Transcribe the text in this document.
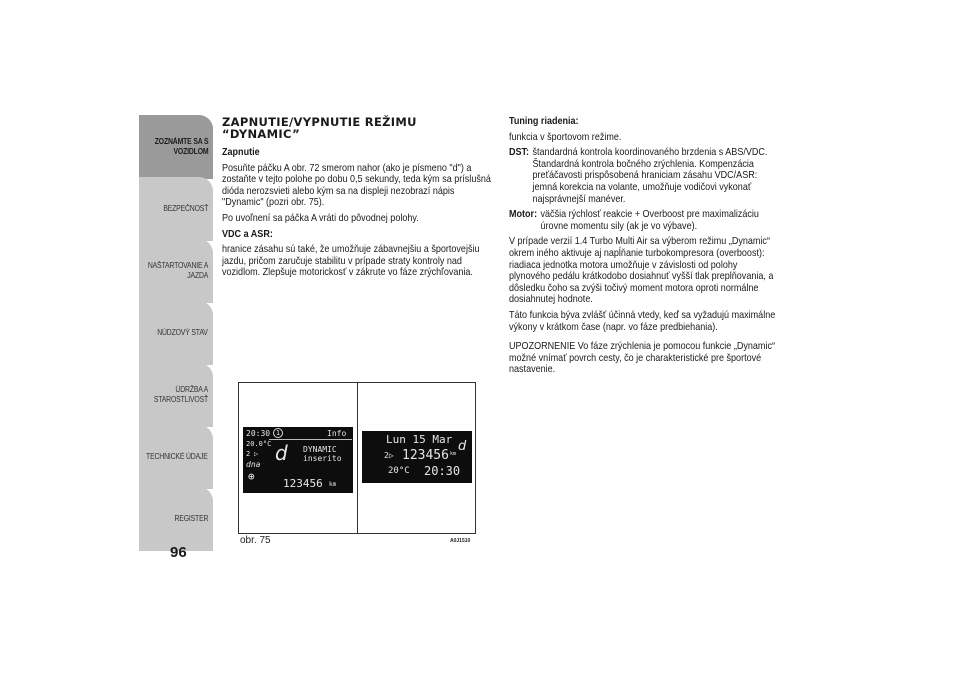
ZOZNÁMTE SA S
VOZIDLOM
BEZPEČNOSŤ
NAŠTARTOVANIE A
JAZDA
NÚDZOVÝ STAV
ÚDRŽBA A
STAROSTLIVOSŤ
TECHNICKÉ ÚDAJE
REGISTER
96
ZAPNUTIE/VYPNUTIE REŽIMU
“DYNAMIC”

Zapnutie

Posuňte páčku A obr. 72 smerom nahor (ako je písmeno "d") a zostaňte v tejto polohe po dobu 0,5 sekundy, teda kým sa príslušná dióda nerozsvieti alebo kým sa na displeji nezobrazí nápis "Dynamic" (pozri obr. 75).

Po uvoľnení sa páčka A vráti do pôvodnej polohy.

VDC a ASR:

hranice zásahu sú také, že umožňuje zábavnejšiu a športovejšiu jazdu, pričom zaručuje stabilitu v prípade straty kontroly nad vozidlom. Zlepšuje motorickosť v zákrute vo fáze zrýchľovania.

Tuning riadenia:

funkcia v športovom režime.

DST: štandardná kontrola koordinovaného brzdenia s ABS/VDC. Štandardná kontrola bočného zrýchlenia. Kompenzácia preťáčavosti prispôsobená hraniciam zásahu VDC/ASR: jemná korekcia na volante, umožňuje vodičovi vykonať najsprávnejší manéver.
Motor: väčšia rýchlosť reakcie + Overboost pre maximalizáciu úrovne momentu sily (ak je vo výbave).

V prípade verzií 1.4 Turbo Multi Air sa výberom režimu „Dynamic“ okrem iného aktivuje aj napĺňanie turbokompresora (overboost): riadiaca jednotka motora umožňuje v závislosti od polohy plynového pedálu krátkodobo dosiahnuť vyšší tlak preplňovania, a dôsledku čoho sa zvýši točivý moment motora oproti normálne dosiahnutej hodnote.

Táto funkcia býva zvlášť účinná vtedy, keď sa vyžadujú maximálne výkony v krátkom čase (napr. vo fáze predbiehania).

UPOZORNENIE Vo fáze zrýchlenia je pomocou funkcie „Dynamic“ možné vnímať povrch cesty, čo je charakteristické pre športové nastavenie.

20:30 1	Info
20.0°C
2 ▷
dna
⊕
d DYNAMIC
inserito
123456 km
Lun 15 Mar d
2▷ 123456 km
20°C 20:30
obr. 75	A0J1510
